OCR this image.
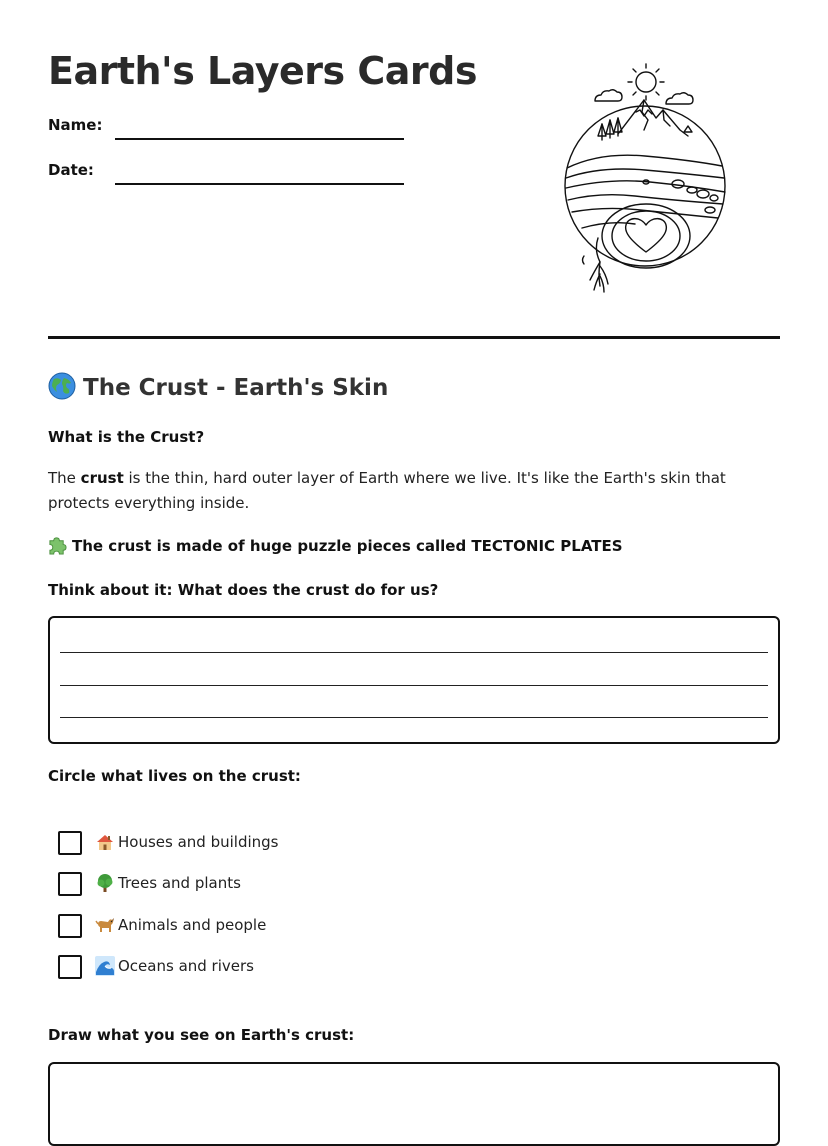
Earth's Layers Cards
Name:
Date:
The Crust - Earth's Skin
What is the Crust?

The crust is the thin, hard outer layer of Earth where we live. It's like the Earth's skin that protects everything inside.

The crust is made of huge puzzle pieces called TECTONIC PLATES
Think about it: What does the crust do for us?
Circle what lives on the crust:
Houses and buildings
Trees and plants
Animals and people
Oceans and rivers
Draw what you see on Earth's crust:
